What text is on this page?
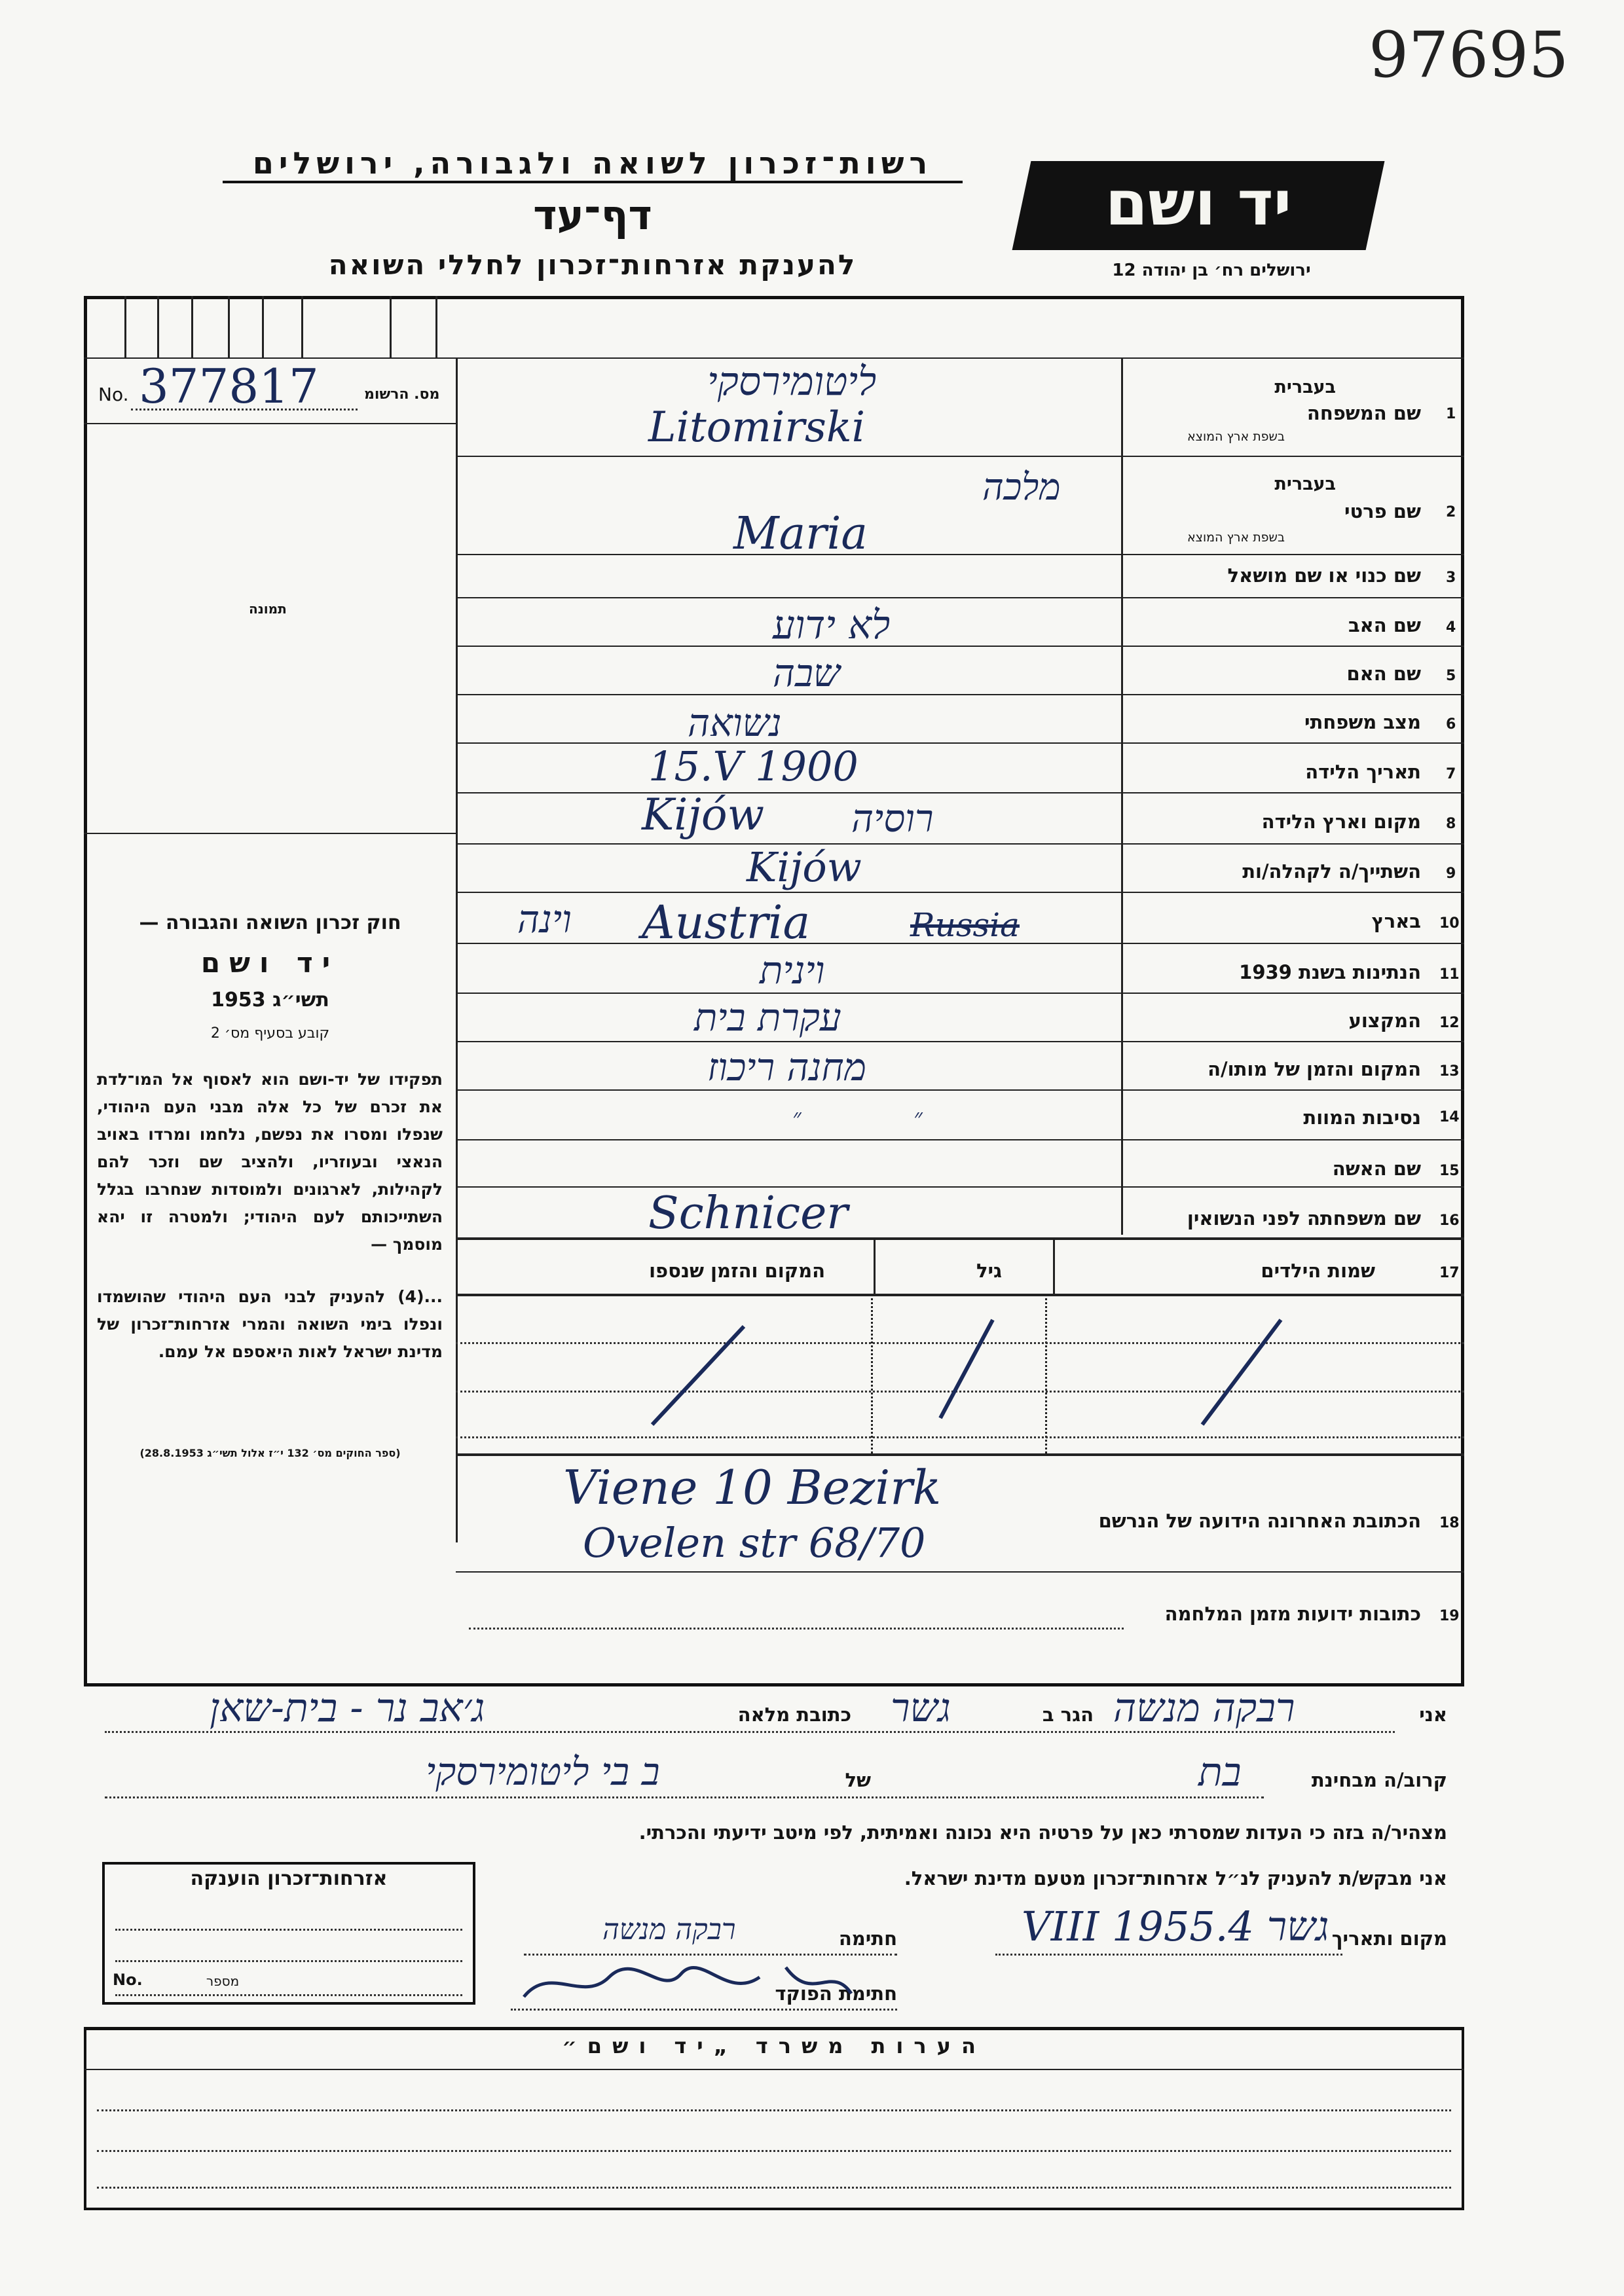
97695
רשות־זכרון לשואה ולגבורה, ירושלים
דף־עד
להענקת אזרחות־זכרון לחללי השואה
יד ושם
ירושלים רח׳ בן יהודה 12
377817
No.	מס. הרשומ
תמונה
חוק זכרון השואה והגבורה —
יד ושם
תשי״ג 1953
קובע בסעיף מס׳ 2
תפקידו של יד-ושם הוא לאסוף אל המו־לדת את זכרם של כל אלה מבני העם היהודי, שנפלו ומסרו את נפשם, נלחמו ומרדו באויב הנאצי ובעוזריו, ולהציב שם וזכר להם לקהילות, לארגונים ולמוסדות שנחרבו בגלל השתייכותם לעם היהודי; ולמטרה זו יהא מוסמך —
...(4) להעניק לבני העם היהודי שהושמדו ונפלו בימי השואה והמרי אזרחות־זכרון של מדינת ישראל לאות היאספם אל עמם.
(ספר החוקים מס׳ 132 י״ז אלול תשי״ג 28.8.1953)
1
שם המשפחה
בעברית
בשפת ארץ המוצא
ליטומירסקי
Litomirski
2
שם פרטי
בעברית
בשפת ארץ המוצא
מלכה
Maria
3
שם כנוי או שם מושאל
4
שם האב
לא ידוע
5
שם האם
שבה
6
מצב משפחתי
נשואה
7
תאריך הלידה
15.V 1900
8
מקום וארץ הלידה
Kijów רוסיה
9
השתייך/ה לקהלה/ות
Kijów
10
בארץ
וינה Austria	Russia
11
הנתינות בשנת 1939
וינית
12
המקצוע
עקרת בית
13
המקום והזמן של מותו/ה
מחנה ריכוז
14
נסיבות המוות
״ ״
15
שם האשה
16
שם משפחתה לפני הנשואין
Schnicer
17
שמות הילדים
גיל
המקום והזמן שנספו
18
הכתובת האחרונה הידועה של הנרשם
Viene 10 Bezirk
Ovelen str 68/70
19
כתובות ידועות מזמן המלחמה
אני
רבקה מנשה
הגר ב
גשר
כתובת מלאה
ג׳אב נר - בית-שאן
קרוב/ה מבחינת
בת
של
ב בי ליטומירסקי
מצהיר/ה בזה כי העדות שמסרתי כאן על פרטיה היא נכונה ואמיתית, לפי מיטב ידיעתי והכרתי.
אני מבקש/ת להעניק לנ״ל אזרחות־זכרון מטעם מדינת ישראל.
מקום ותאריך
גשר 4.VIII 1955
חתימה
רבקה מנשה
חתימת הפוקד
אזרחות־זכרון הוענקה
No.	מספר
הערות משרד „יד ושם״
